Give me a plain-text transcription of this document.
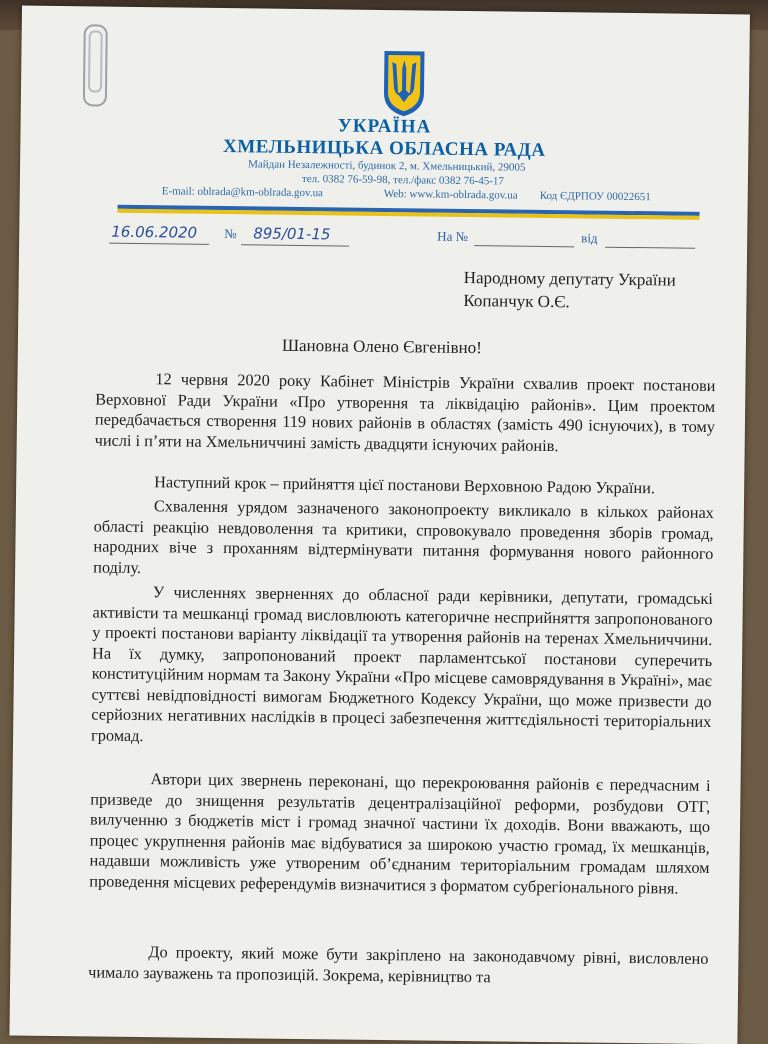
УКРАЇНА
ХМЕЛЬНИЦЬКА ОБЛАСНА РАДА
Майдан Незалежності, будинок 2, м. Хмельницький, 29005
тел. 0382 76-59-98, тел./факс 0382 76-45-17
E-mail: oblrada@km-oblrada.gov.ua	Web: www.km-oblrada.gov.ua Код ЄДРПОУ 00022651
16.06.2020 № 895/01-15	На №	від
Народному депутату України
Копанчук О.Є.
Шановна Олено Євгенівно!

12 червня 2020 року Кабінет Міністрів України схвалив проект постанови Верховної Ради України «Про утворення та ліквідацію районів». Цим проектом передбачається створення 119 нових районів в областях (замість 490 існуючих), в тому числі і п’яти на Хмельниччині замість двадцяти існуючих районів.

Наступний крок – прийняття цієї постанови Верховною Радою України.

Схвалення урядом зазначеного законопроекту викликало в кількох районах області реакцію невдоволення та критики, спровокувало проведення зборів громад, народних віче з проханням відтермінувати питання формування нового районного поділу.

У численнях зверненнях до обласної ради керівники, депутати, громадські активісти та мешканці громад висловлюють категоричне несприйняття запропонованого у проекті постанови варіанту ліквідації та утворення районів на теренах Хмельниччини. На їх думку, запропонований проект парламентської постанови суперечить конституційним нормам та Закону України «Про місцеве самоврядування в Україні», має суттєві невідповідності вимогам Бюджетного Кодексу України, що може призвести до серйозних негативних наслідків в процесі забезпечення життєдіяльності територіальних громад.

Автори цих звернень переконані, що перекроювання районів є передчасним і призведе до знищення результатів децентралізаційної реформи, розбудови ОТГ, вилученню з бюджетів міст і громад значної частини їх доходів. Вони вважають, що процес укрупнення районів має відбуватися за широкою участю громад, їх мешканців, надавши можливість уже утвореним об’єднаним територіальним громадам шляхом проведення місцевих референдумів визначитися з форматом субрегіонального рівня.

До проекту, який може бути закріплено на законодавчому рівні, висловлено чимало зауважень та пропозицій. Зокрема, керівництво та
